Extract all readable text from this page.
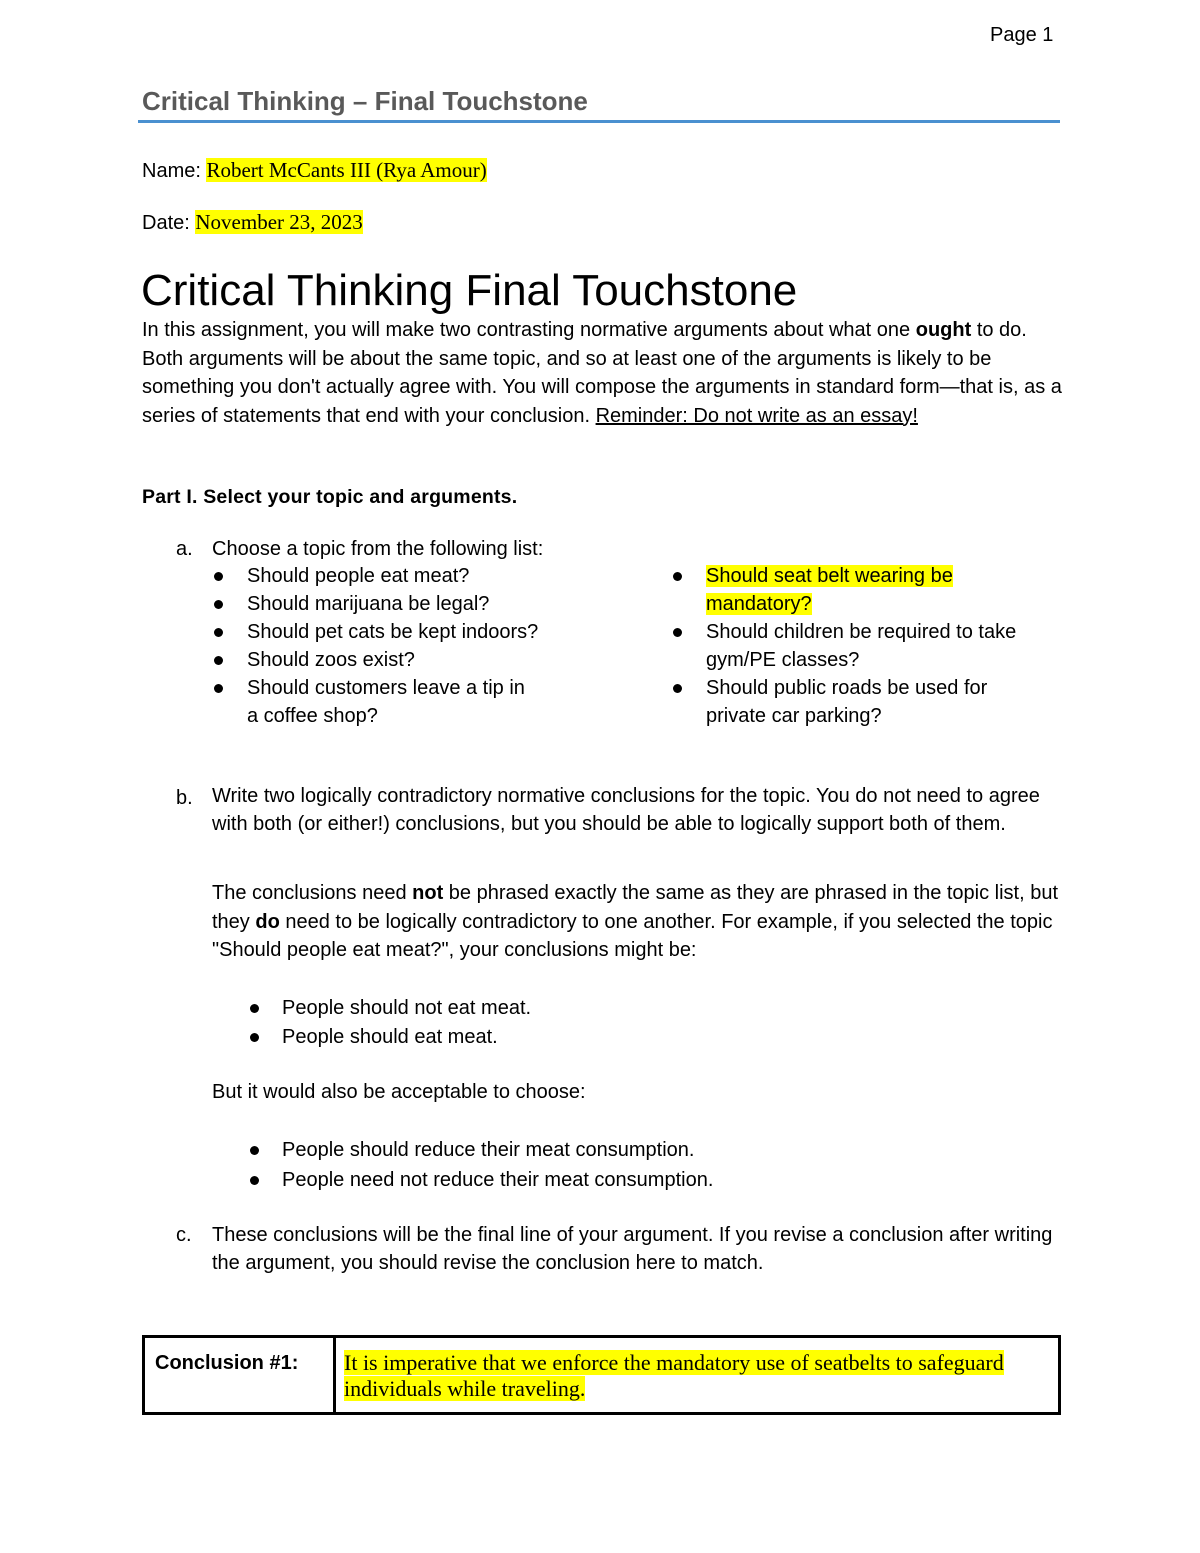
Page 1
Critical Thinking – Final Touchstone
Name: Robert McCants III (Rya Amour)
Date: November 23, 2023
Critical Thinking Final Touchstone
In this assignment, you will make two contrasting normative arguments about what one ought to do. Both arguments will be about the same topic, and so at least one of the arguments is likely to be something you don't actually agree with. You will compose the arguments in standard form—that is, as a series of statements that end with your conclusion. Reminder: Do not write as an essay!
Part I. Select your topic and arguments.
a. Choose a topic from the following list:
Should people eat meat?
Should marijuana be legal?
Should pet cats be kept indoors?
Should zoos exist?
Should customers leave a tip in
a coffee shop?
Should seat belt wearing be
mandatory?
Should children be required to take
gym/PE classes?
Should public roads be used for
private car parking?
b. Write two logically contradictory normative conclusions for the topic. You do not need to agree with both (or either!) conclusions, but you should be able to logically support both of them.
The conclusions need not be phrased exactly the same as they are phrased in the topic list, but they do need to be logically contradictory to one another. For example, if you selected the topic "Should people eat meat?", your conclusions might be:
People should not eat meat.
People should eat meat.
But it would also be acceptable to choose:
People should reduce their meat consumption.
People need not reduce their meat consumption.
c. These conclusions will be the final line of your argument. If you revise a conclusion after writing the argument, you should revise the conclusion here to match.
Conclusion #1:	It is imperative that we enforce the mandatory use of seatbelts to safeguard
individuals while traveling.
